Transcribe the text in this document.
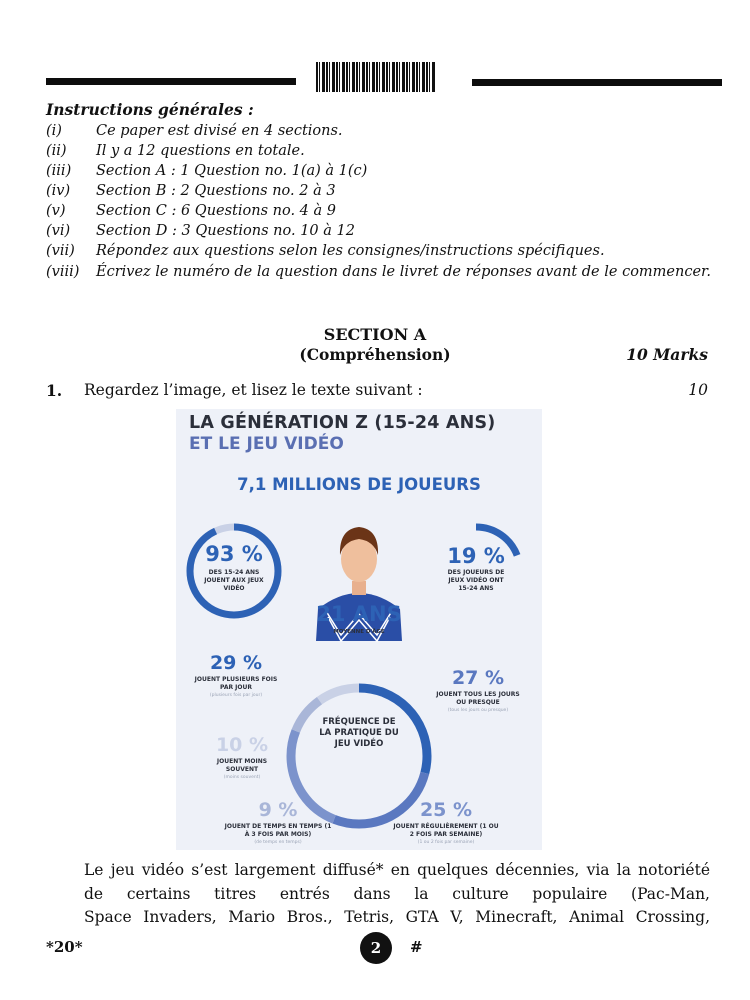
Instructions générales :
(i)	Ce paper est divisé en 4 sections.
(ii)	Il y a 12 questions en totale.
(iii)	Section A : 1 Question no. 1(a) à 1(c)
(iv)	Section B : 2 Questions no. 2 à 3
(v)	Section C : 6 Questions no. 4 à 9
(vi)	Section D : 3 Questions no. 10 à 12
(vii)	Répondez aux questions selon les consignes/instructions spécifiques.
(viii)	Écrivez le numéro de la question dans le livret de réponses avant de le commencer.
SECTION A
(Compréhension)	10 Marks
1. Regardez l’image, et lisez le texte suivant :	10
LA GÉNÉRATION Z (15-24 ANS)
ET LE JEU VIDÉO
7,1 MILLIONS DE JOUEURS
93 %
DES 15-24 ANS JOUENT AUX JEUX VIDÉO
19 %
DES JOUEURS DE JEUX VIDÉO ONT 15-24 ANS
21 ANS
MOYENNE D'ÂGE
FRÉQUENCE DE LA PRATIQUE DU JEU VIDÉO
29 %
JOUENT PLUSIEURS FOIS PAR JOUR
(plusieurs fois par jour)
27 %
JOUENT TOUS LES JOURS OU PRESQUE
(tous les jours ou presque)
10 %
JOUENT MOINS SOUVENT
(moins souvent)
9 %
JOUENT DE TEMPS EN TEMPS (1 À 3 FOIS PAR MOIS)
(de temps en temps)
25 %
JOUENT RÉGULIÈREMENT (1 OU 2 FOIS PAR SEMAINE)
(1 ou 2 fois par semaine)
Le jeu vidéo s’est largement diffusé* en quelques décennies, via la notoriété
de certains titres entrés dans la culture populaire (Pac-Man,
Space Invaders, Mario Bros., Tetris, GTA V, Minecraft, Animal Crossing,
*20*	2	#
